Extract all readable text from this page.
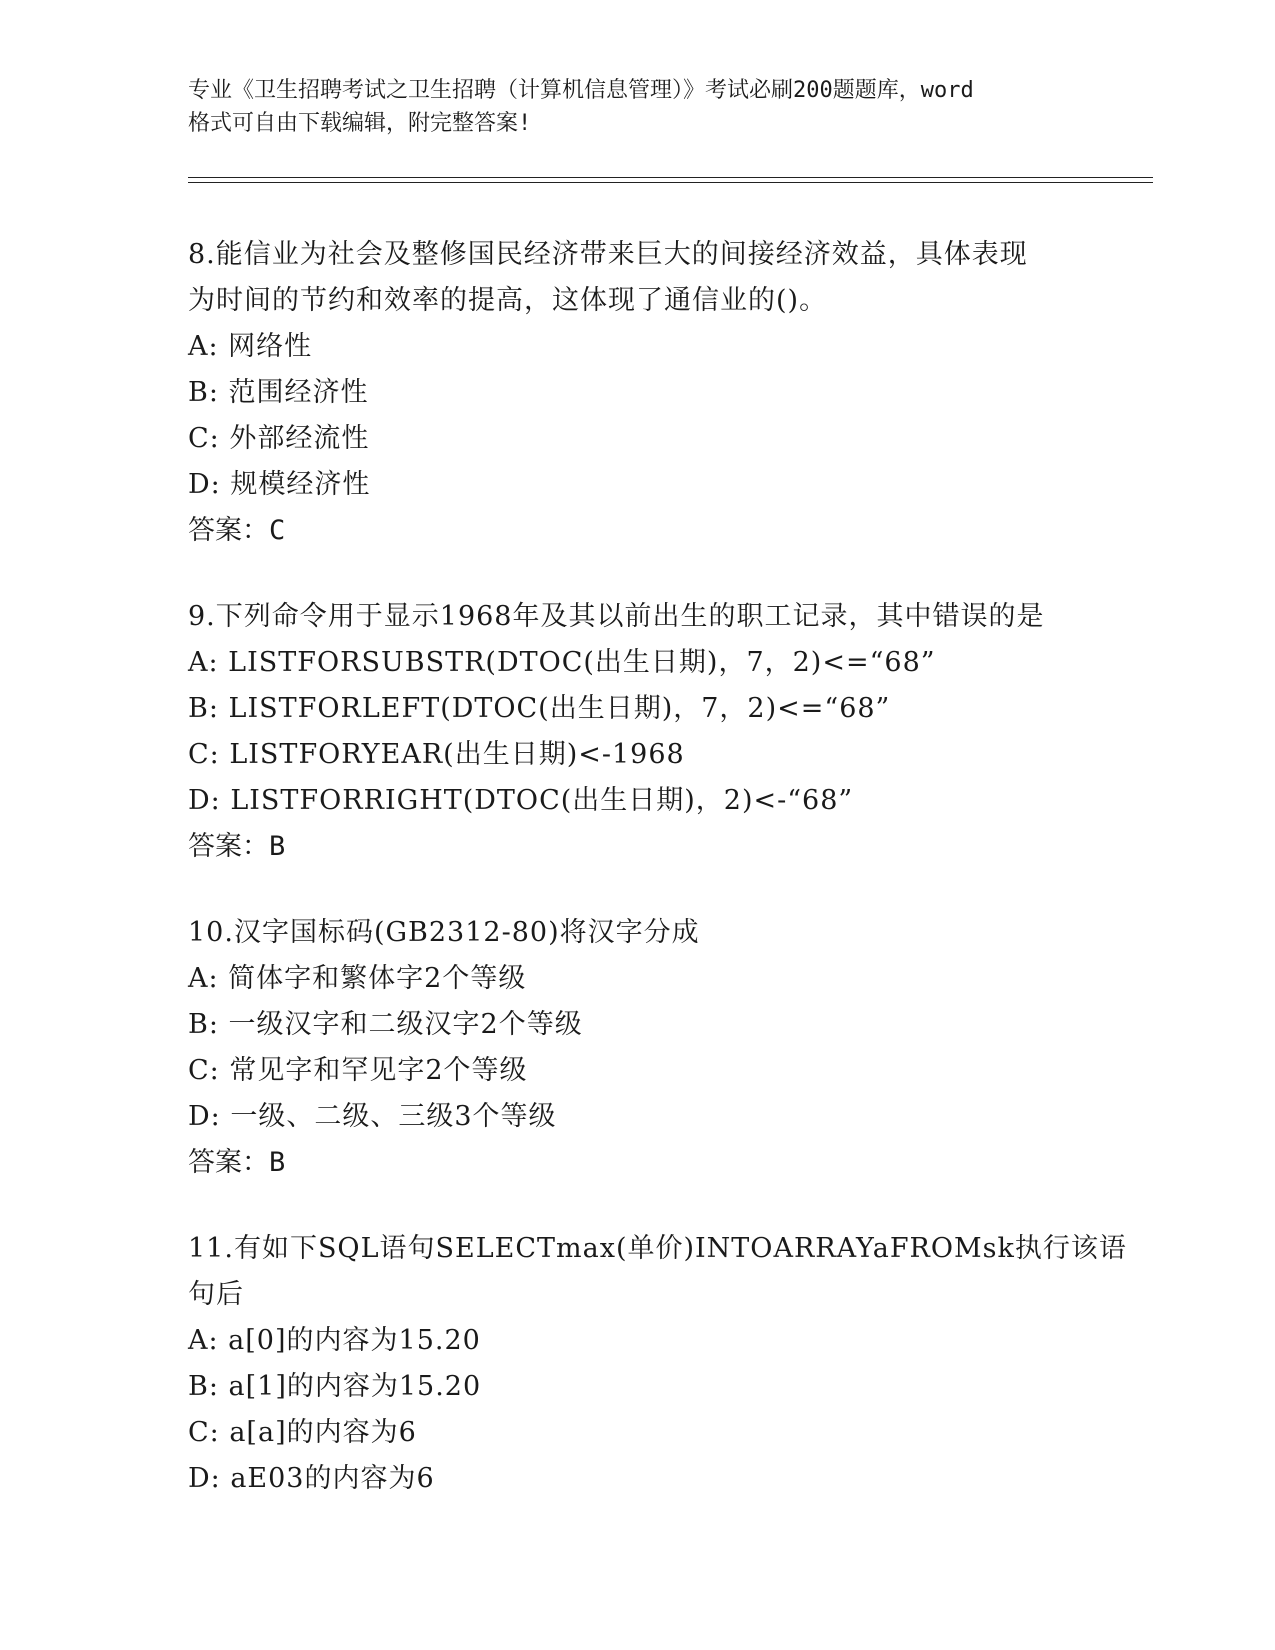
专业《卫生招聘考试之卫生招聘（计算机信息管理）》考试必刷200题题库，word
格式可自由下载编辑，附完整答案!

8.能信业为社会及整修国民经济带来巨大的间接经济效益，具体表现

为时间的节约和效率的提高，这体现了通信业的()。

A: 网络性

B: 范围经济性

C: 外部经流性

D: 规模经济性

答案：C

9.下列命令用于显示1968年及其以前出生的职工记录，其中错误的是

A: LISTFORSUBSTR(DTOC(出生日期)，7，2)<=“68”

B: LISTFORLEFT(DTOC(出生日期)，7，2)<=“68”

C: LISTFORYEAR(出生日期)<-1968

D: LISTFORRIGHT(DTOC(出生日期)，2)<-“68”

答案：B

10.汉字国标码(GB2312-80)将汉字分成

A: 简体字和繁体字2个等级

B: 一级汉字和二级汉字2个等级

C: 常见字和罕见字2个等级

D: 一级、二级、三级3个等级

答案：B

11.有如下SQL语句SELECTmax(单价)INTOARRAYaFROMsk执行该语句后

A: a[0]的内容为15.20

B: a[1]的内容为15.20

C: a[a]的内容为6

D: aE03的内容为6
